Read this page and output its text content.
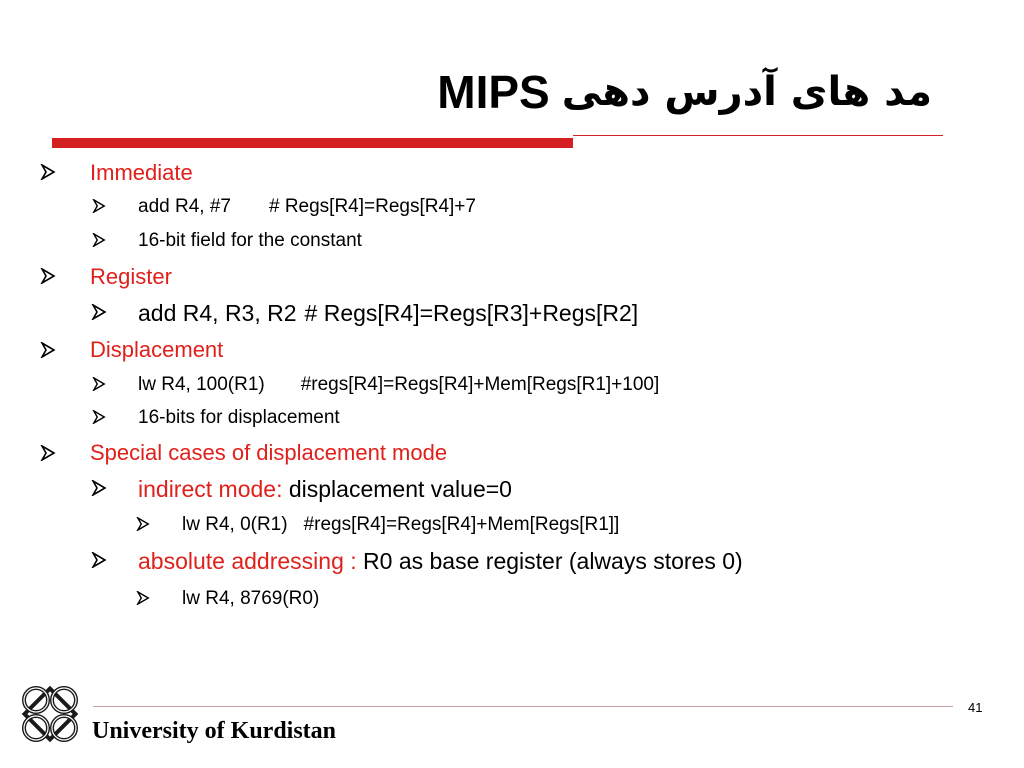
MIPS مد های آدرس دهی
Immediate
add R4, #7 # Regs[R4]=Regs[R4]+7
16-bit field for the constant
Register
add R4, R3, R2 # Regs[R4]=Regs[R3]+Regs[R2]
Displacement
lw R4, 100(R1) #regs[R4]=Regs[R4]+Mem[Regs[R1]+100]
16-bits for displacement
Special cases of displacement mode
indirect mode: displacement value=0
lw R4, 0(R1) #regs[R4]=Regs[R4]+Mem[Regs[R1]]
absolute addressing : R0 as base register (always stores 0)
lw R4, 8769(R0)
41
University of Kurdistan
